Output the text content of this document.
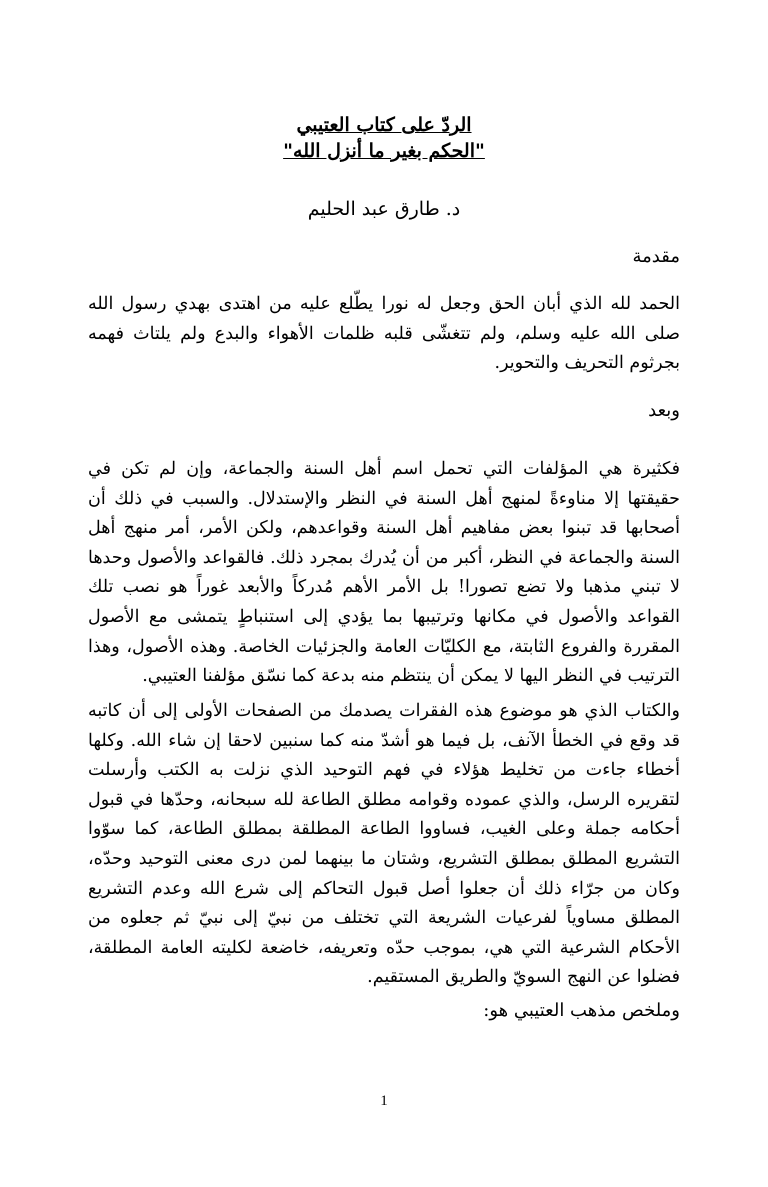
الردّ على كتاب العتيبي
"الحكم بغير ما أنزل الله"
د. طارق عبد الحليم
مقدمة

الحمد لله الذي أبان الحق وجعل له نورا يطّلع عليه من اهتدى بهدي رسول الله صلى الله عليه وسلم، ولم تتغشّى قلبه ظلمات الأهواء والبدع ولم يلتاث فهمه بجرثوم التحريف والتحوير.

وبعد

فكثيرة هي المؤلفات التي تحمل اسم أهل السنة والجماعة، وإن لم تكن في حقيقتها إلا مناوءةً لمنهج أهل السنة في النظر والإستدلال. والسبب في ذلك أن أصحابها قد تبنوا بعض مفاهيم أهل السنة وقواعدهم، ولكن الأمر، أمر منهج أهل السنة والجماعة في النظر، أكبر من أن يُدرك بمجرد ذلك. فالقواعد والأصول وحدها لا تبني مذهبا ولا تضع تصورا! بل الأمر الأهم مُدركاً والأبعد غوراً هو نصب تلك القواعد والأصول في مكانها وترتيبها بما يؤدي إلى استنباطٍ يتمشى مع الأصول المقررة والفروع الثابتة، مع الكليّات العامة والجزئيات الخاصة. وهذه الأصول، وهذا الترتيب في النظر اليها لا يمكن أن ينتظم منه بدعة كما نسّق مؤلفنا العتيبي.

والكتاب الذي هو موضوع هذه الفقرات يصدمك من الصفحات الأولى إلى أن كاتبه قد وقع في الخطأ الآنف، بل فيما هو أشدّ منه كما سنبين لاحقا إن شاء الله. وكلها أخطاء جاءت من تخليط هؤلاء في فهم التوحيد الذي نزلت به الكتب وأرسلت لتقريره الرسل، والذي عموده وقوامه مطلق الطاعة لله سبحانه، وحدّها في قبول أحكامه جملة وعلى الغيب، فساووا الطاعة المطلقة بمطلق الطاعة، كما سوّوا التشريع المطلق بمطلق التشريع، وشتان ما بينهما لمن درى معنى التوحيد وحدّه، وكان من جرّاء ذلك أن جعلوا أصل قبول التحاكم إلى شرع الله وعدم التشريع المطلق مساوياً لفرعيات الشريعة التي تختلف من نبيّ إلى نبيّ ثم جعلوه من الأحكام الشرعية التي هي، بموجب حدّه وتعريفه، خاضعة لكليته العامة المطلقة، فضلوا عن النهج السويّ والطريق المستقيم.

وملخص مذهب العتيبي هو:
1
